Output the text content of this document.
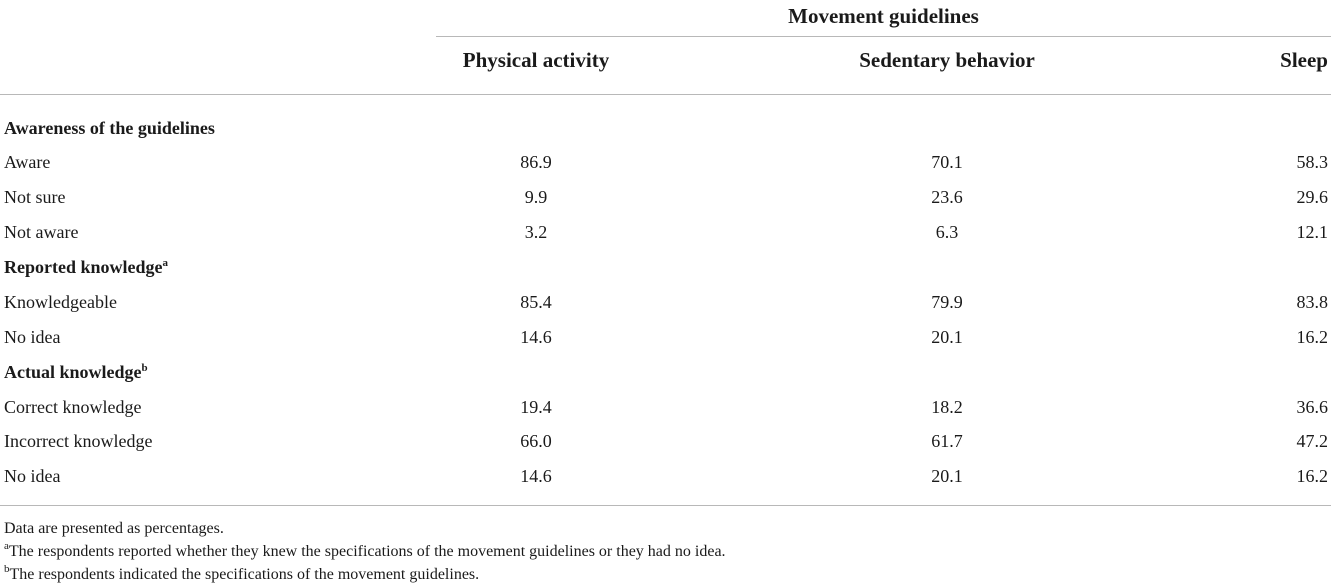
Movement guidelines
Physical activity	Sedentary behavior	Sleep
Awareness of the guidelines
Aware	86.9	70.1	58.3
Not sure	9.9	23.6	29.6
Not aware	3.2	6.3	12.1
Reported knowledge$^a$
Knowledgeable	85.4	79.9	83.8
No idea	14.6	20.1	16.2
Actual knowledge$^b$
Correct knowledge	19.4	18.2	36.6
Incorrect knowledge	66.0	61.7	47.2
No idea	14.6	20.1	16.2
Data are presented as percentages.
$^a$The respondents reported whether they knew the specifications of the movement guidelines or they had no idea.
$^b$The respondents indicated the specifications of the movement guidelines.
